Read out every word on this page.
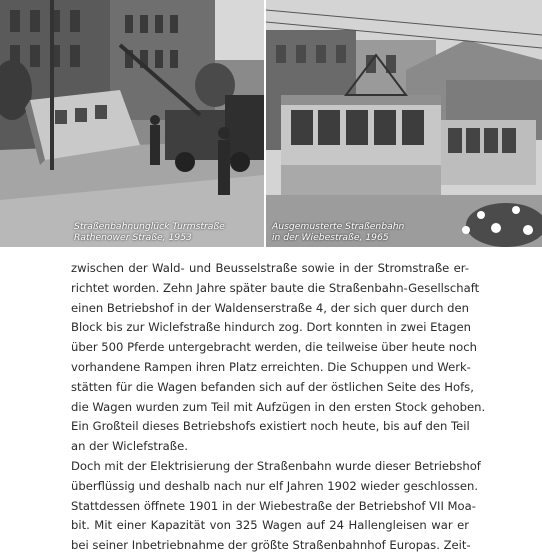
Straßenbahnunglück Turmstraße
Rathenower Straße, 1953
Ausgemusterte Straßenbahn
in der Wiebestraße, 1965
zwischen der Wald- und Beusselstraße sowie in der Stromstraße er-
richtet worden. Zehn Jahre später baute die Straßenbahn-Gesellschaft
einen Betriebshof in der Waldenserstraße 4, der sich quer durch den
Block bis zur Wiclefstraße hindurch zog. Dort konnten in zwei Etagen
über 500 Pferde untergebracht werden, die teilweise über heute noch
vorhandene Rampen ihren Platz erreichten. Die Schuppen und Werk-
stätten für die Wagen befanden sich auf der östlichen Seite des Hofs,
die Wagen wurden zum Teil mit Aufzügen in den ersten Stock gehoben.
Ein Großteil dieses Betriebshofs existiert noch heute, bis auf den Teil
an der Wiclefstraße.
Doch mit der Elektrisierung der Straßenbahn wurde dieser Betriebshof
überflüssig und deshalb nach nur elf Jahren 1902 wieder geschlossen.
Stattdessen öffnete 1901 in der Wiebestraße der Betriebshof VII Moa-
bit. Mit einer Kapazität von 325 Wagen auf 24 Hallengleisen war er
bei seiner Inbetriebnahme der größte Straßenbahnhof Europas. Zeit-
